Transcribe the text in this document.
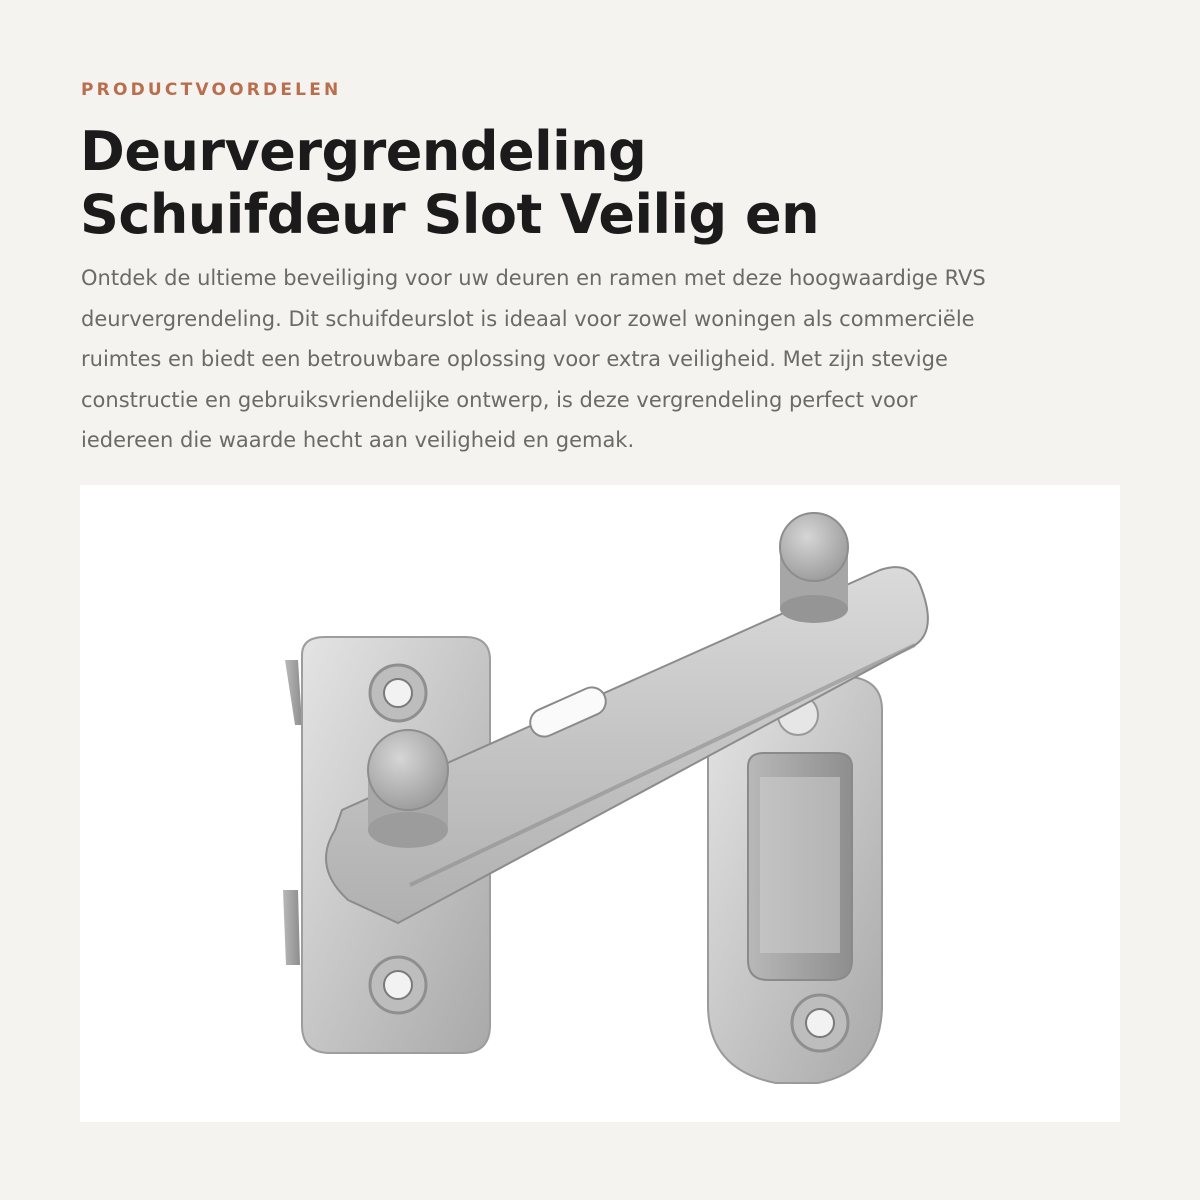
PRODUCTVOORDELEN
Deurvergrendeling
Schuifdeur Slot Veilig en

Ontdek de ultieme beveiliging voor uw deuren en ramen met deze hoogwaardige RVS
deurvergrendeling. Dit schuifdeurslot is ideaal voor zowel woningen als commerciële
ruimtes en biedt een betrouwbare oplossing voor extra veiligheid. Met zijn stevige
constructie en gebruiksvriendelijke ontwerp, is deze vergrendeling perfect voor
iedereen die waarde hecht aan veiligheid en gemak.
